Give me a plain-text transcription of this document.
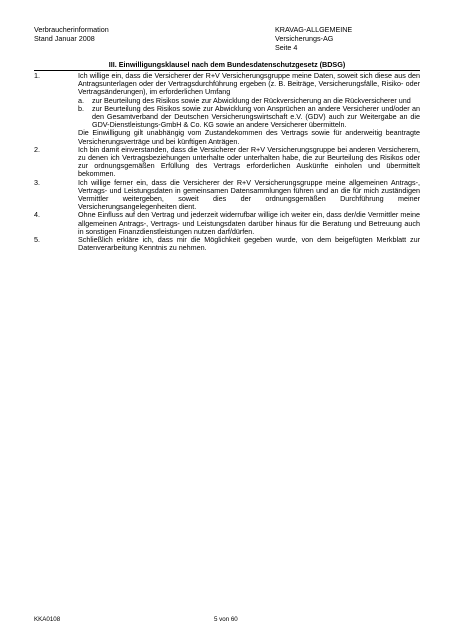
Verbraucherinformation
Stand Januar 2008
KRAVAG-ALLGEMEINE
Versicherungs-AG
Seite 4
III. Einwilligungsklausel nach dem Bundesdatenschutzgesetz (BDSG)
1.	Ich willige ein, dass die Versicherer der R+V Versicherungsgruppe meine Daten, soweit sich diese aus den Antragsunterlagen oder der Vertragsdurchführung ergeben (z. B. Beiträge, Versicherungsfälle, Risiko- oder Vertragsänderungen), im erforderlichen Umfang

a.	zur Beurteilung des Risikos sowie zur Abwicklung der Rückversicherung an die Rückversicherer und
b.	zur Beurteilung des Risikos sowie zur Abwicklung von Ansprüchen an andere Versicherer und/oder an den Gesamtverband der Deutschen Versicherungswirtschaft e.V. (GDV) auch zur Weitergabe an die GDV-Dienstleistungs-GmbH & Co. KG sowie an andere Versicherer übermitteln.

Die Einwilligung gilt unabhängig vom Zustandekommen des Vertrags sowie für anderweitig beantragte Versicherungsverträge und bei künftigen Anträgen.

2.	Ich bin damit einverstanden, dass die Versicherer der R+V Versicherungsgruppe bei anderen Versicherern, zu denen ich Vertragsbeziehungen unterhalte oder unterhalten habe, die zur Beurteilung des Risikos oder zur ordnungsgemäßen Erfüllung des Vertrags erforderlichen Auskünfte einholen und übermittelt bekommen.

3.	Ich willige ferner ein, dass die Versicherer der R+V Versicherungsgruppe meine allgemeinen Antrags-, Vertrags- und Leistungsdaten in gemeinsamen Datensammlungen führen und an die für mich zuständigen Vermittler weitergeben, soweit dies der ordnungsgemäßen Durchführung meiner Versicherungsangelegenheiten dient.

4.	Ohne Einfluss auf den Vertrag und jederzeit widerrufbar willige ich weiter ein, dass der/die Vermittler meine allgemeinen Antrags-, Vertrags- und Leistungsdaten darüber hinaus für die Beratung und Betreuung auch in sonstigen Finanzdienstleistungen nutzen darf/dürfen.

5.	Schließlich erkläre ich, dass mir die Möglichkeit gegeben wurde, von dem beigefügten Merkblatt zur Datenverarbeitung Kenntnis zu nehmen.

KKA0108	5 von 60
